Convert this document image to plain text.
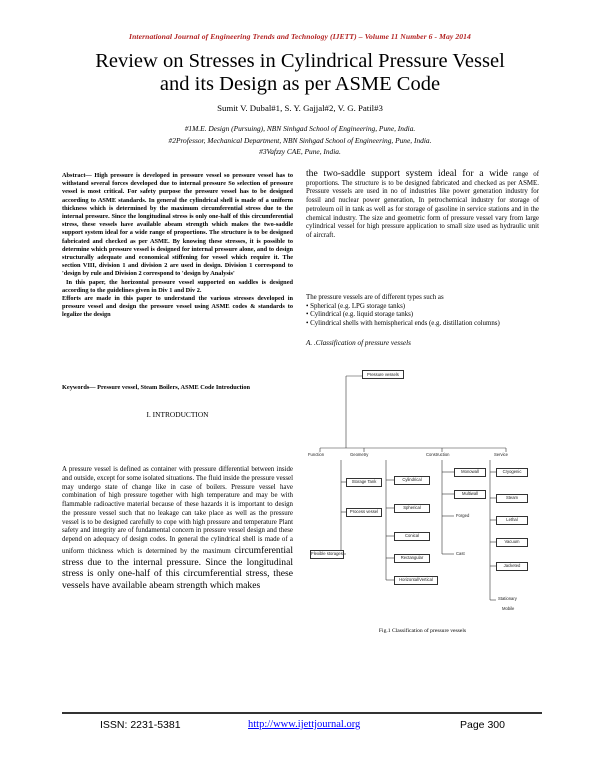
International Journal of Engineering Trends and Technology (IJETT) – Volume 11 Number 6 - May 2014
Review on Stresses in Cylindrical Pressure Vessel
and its Design as per ASME Code
Sumit V. Dubal#1, S. Y. Gajjal#2, V. G. Patil#3
#1M.E. Design (Pursuing), NBN Sinhgad School of Engineering, Pune, India.
#2Professor, Mechanical Department, NBN Sinhgad School of Engineering, Pune, India.
#3Vafzzy CAE, Pune, India.

Abstract— High pressure is developed in pressure vessel so pressure vessel has to withstand several forces developed due to internal pressure So selection of pressure vessel is most critical. For safety purpose the pressure vessel has to be designed according to ASME standards. In general the cylindrical shell is made of a uniform thickness which is determined by the maximum circumferential stress due to the internal pressure. Since the longitudinal stress is only one-half of this circumferential stress, these vessels have available abeam strength which makes the two-saddle support system ideal for a wide range of proportions. The structure is to be designed fabricated and checked as per ASME. By knowing these stresses, it is possible to determine which pressure vessel is designed for internal pressure alone, and to design structurally adequate and economical stiffening for vessel which require it. The section VIII, division 1 and division 2 are used in design. Division 1 correspond to 'design by rule and Division 2 correspond to 'design by Analysis'

In this paper, the horizontal pressure vessel supported on saddles is designed according to the guidelines given in Div 1 and Div 2.

Efforts are made in this paper to understand the various stresses developed in pressure vessel and design the pressure vessel using ASME codes & standards to legalize the design

Keywords— Pressure vessel, Steam Boilers, ASME Code Introduction
I. INTRODUCTION
A pressure vessel is defined as container with pressure differential between inside and outside, except for some isolated situations. The fluid inside the pressure vessel may undergo state of change like in case of boilers. Pressure vessel have combination of high pressure together with high temperature and may be with flammable radioactive material because of these hazards it is important to design the pressure vessel such that no leakage can take place as well as the pressure vessel is to be designed carefully to cope with high pressure and temperature Plant safety and integrity are of fundamental concern in pressure vessel design and these depend on adequacy of design codes. In general the cylindrical shell is made of a uniform thickness which is determined by the maximum circumferential stress due to the internal pressure. Since the longitudinal stress is only one-half of this circumferential stress, these vessels have available abeam strength which makes
the two-saddle support system ideal for a wide range of proportions. The structure is to be designed fabricated and checked as per ASME. Pressure vessels are used in no of industries like power generation industry for fossil and nuclear power generation, In petrochemical industry for storage of petroleum oil in tank as well as for storage of gasoline in service stations and in the chemical industry. The size and geometric form of pressure vessel vary from large cylindrical vessel for high pressure application to small size used as hydraulic unit of aircraft.

The pressure vessels are of different types such as

• Spherical (e.g. LPG storage tanks)

• Cylindrical (e.g. liquid storage tanks)

• Cylindrical shells with hemispherical ends (e.g. distillation columns)

A. .Classification of pressure vessels
Pressure vessels
Function	Geometry	Construction	Service
Storage Tank
Process vessel
Flexible storages
Cylindrical
Spherical
Conical
Rectangular
Horizontal/Vertical
Monowall
Multiwall
Forged
Cast
Cryogenic
Steam
Lethal
Vacuum
Jacketed
Stationary
Mobile
Fig.1 Classification of pressure vessels
ISSN: 2231-5381	http://www.ijettjournal.org	Page 300
